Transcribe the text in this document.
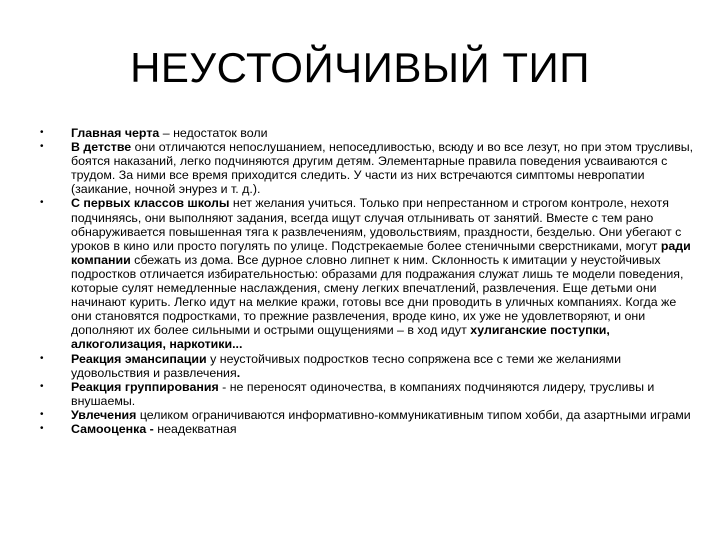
НЕУСТОЙЧИВЫЙ ТИП
• Главная черта – недостаток воли
• В детстве они отличаются непослушанием, непоседливостью, всюду и во все лезут, но при этом трусливы, боятся наказаний, легко подчиняются другим детям. Элементарные правила поведения усваиваются с трудом. За ними все время приходится следить. У части из них встречаются симптомы невропатии (заикание, ночной энурез и т. д.).
• С первых классов школы нет желания учиться. Только при непрестанном и строгом контроле, нехотя подчиняясь, они выполняют задания, всегда ищут случая отлынивать от занятий. Вместе с тем рано обнаруживается повышенная тяга к развлечениям, удовольствиям, праздности, безделью. Они убегают с уроков в кино или просто погулять по улице. Подстрекаемые более стеничными сверстниками, могут ради компании сбежать из дома. Все дурное словно липнет к ним. Склонность к имитации у неустойчивых подростков отличается избирательностью: образами для подражания служат лишь те модели поведения, которые сулят немедленные наслаждения, смену легких впечатлений, развлечения. Еще детьми они начинают курить. Легко идут на мелкие кражи, готовы все дни проводить в уличных компаниях. Когда же они становятся подростками, то прежние развлечения, вроде кино, их уже не удовлетворяют, и они дополняют их более сильными и острыми ощущениями – в ход идут хулиганские поступки, алкоголизация, наркотики...
• Реакция эмансипации у неустойчивых подростков тесно сопряжена все с теми же желаниями удовольствия и развлечения.
• Реакция группирования - не переносят одиночества, в компаниях подчиняются лидеру, трусливы и внушаемы.
• Увлечения целиком ограничиваются информативно-коммуникативным типом хобби, да азартными играми
• Самооценка - неадекватная
